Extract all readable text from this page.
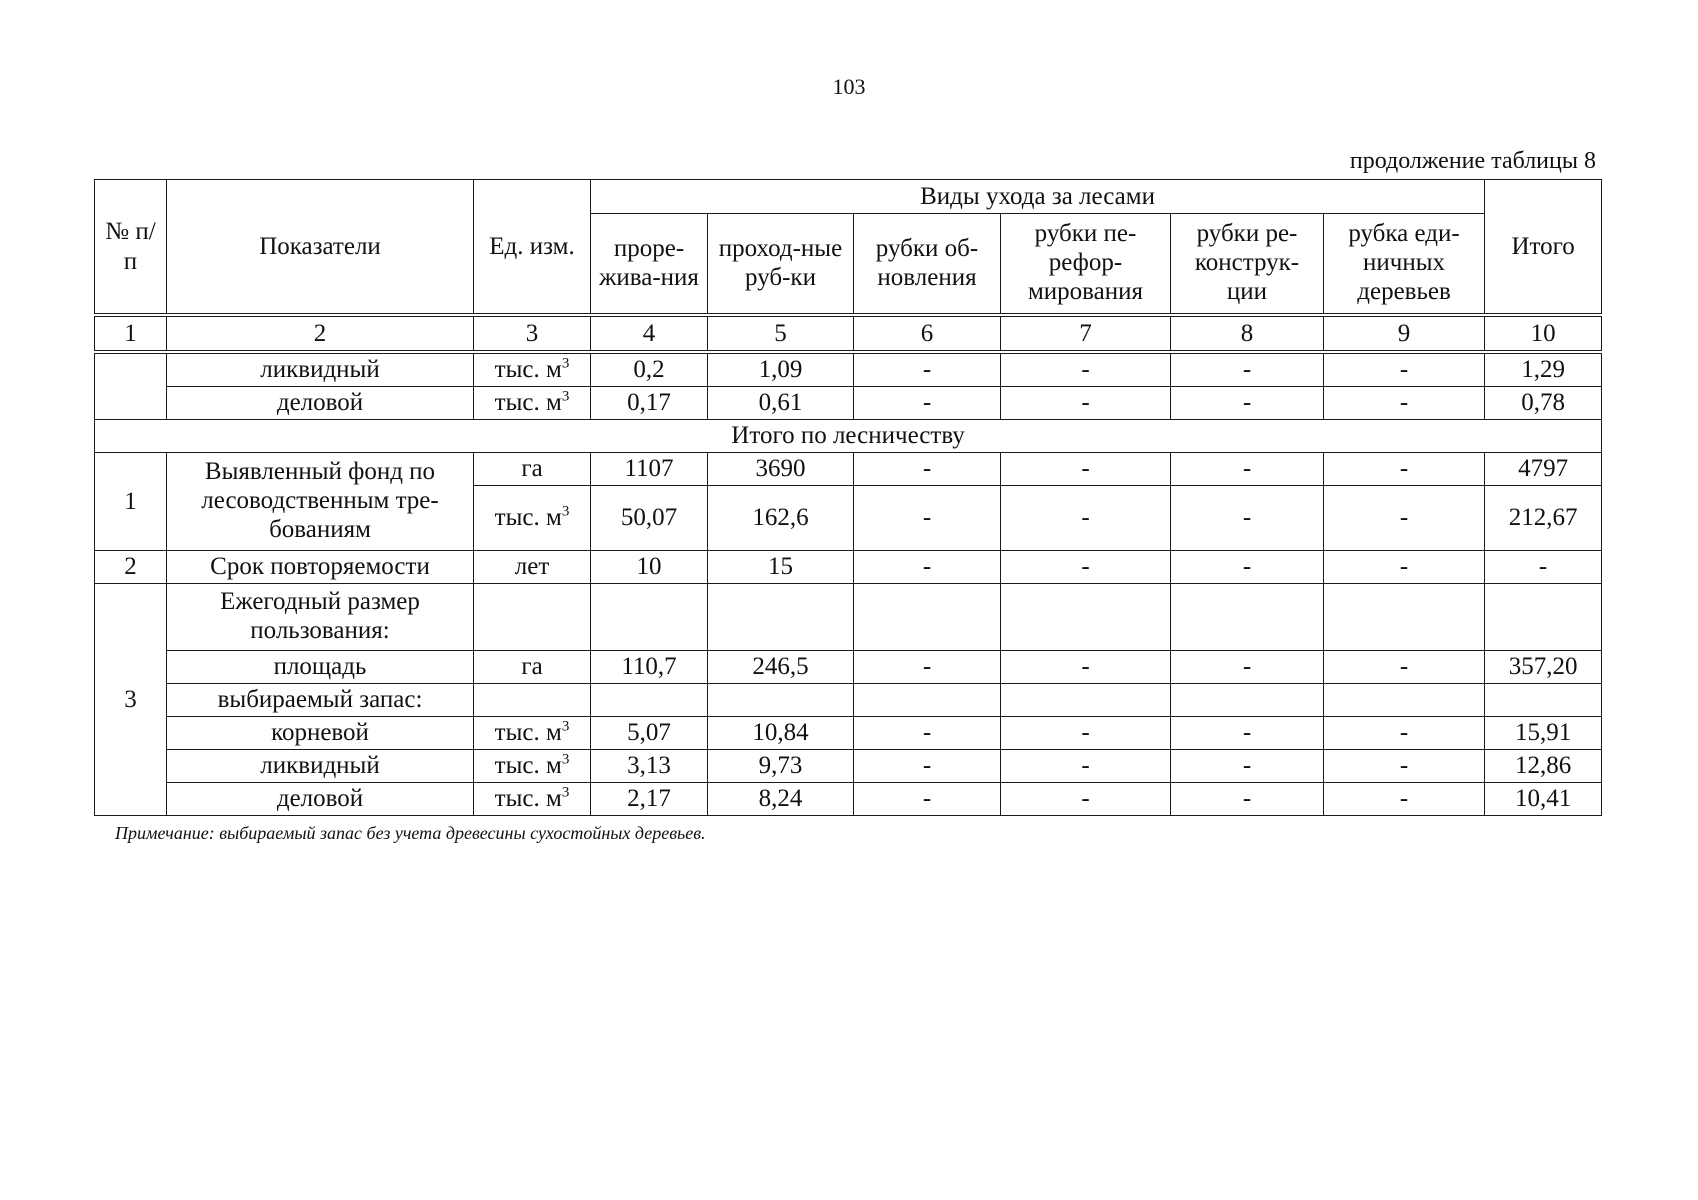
103
продолжение таблицы 8
№ п/п	Показатели	Ед. изм.	Виды ухода за лесами						Итого
			проре-жива-ния	проход-ные руб-ки	рубки об-новления	рубки пе-рефор-мирования	рубки ре-конструк-ции	рубка еди-ничных деревьев	
1	2	3	4	5	6	7	8	9	10
	ликвидный	тыс. $м^3$	0,2	1,09	-	-	-	-	1,29
	деловой	тыс. $м^3$	0,17	0,61	-	-	-	-	0,78
Итого по лесничеству									
1	Выявленный фонд по лесоводственным тре-бованиям	га	1107	3690	-	-	-	-	4797
		тыс. $м^3$	50,07	162,6	-	-	-	-	212,67
2	Срок повторяемости	лет	10	15	-	-	-	-	-
3	Ежегодный размер пользования:								
	площадь	га	110,7	246,5	-	-	-	-	357,20
	выбираемый запас:								
	корневой	тыс. $м^3$	5,07	10,84	-	-	-	-	15,91
	ликвидный	тыс. $м^3$	3,13	9,73	-	-	-	-	12,86
	деловой	тыс. $м^3$	2,17	8,24	-	-	-	-	10,41
Примечание: выбираемый запас без учета древесины сухостойных деревьев.
